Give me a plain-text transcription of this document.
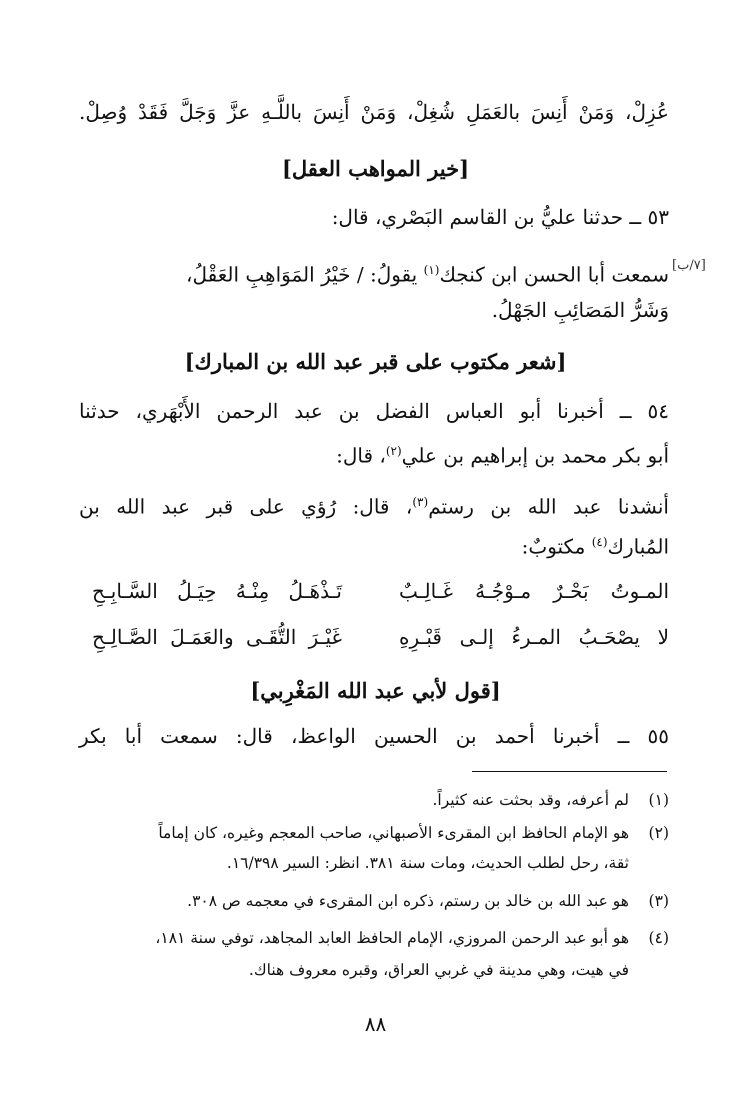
عُزِلْ، وَمَنْ أَنِسَ بالعَمَلِ شُغِلْ، وَمَنْ أَنِسَ باللَّـهِ عزَّ وَجَلَّ فَقَدْ وُصِلْ.
[خير المواهب العقل]
٥٣ ــ حدثنا عليُّ بن القاسم البَصْري، قال:
[٧/ب]
سمعت أبا الحسن ابن كنجك$^{(١)}$ يقولُ: / خَيْرُ المَوَاهِبِ العَقْلُ،
وَشَرُّ المَصَائِبِ الجَهْلُ.
[شعر مكتوب على قبر عبد الله بن المبارك]
٥٤ ــ أخبرنا أبو العباس الفضل بن عبد الرحمن الأَبْهَري، حدثنا
أبو بكر محمد بن إبراهيم بن علي$^{(٢)}$، قال:
أنشدنا عبد الله بن رستم$^{(٣)}$، قال: رُؤي على قبر عبد الله بن
المُبارك$^{(٤)}$ مكتوبٌ:
المـوتُ بَحْـرٌ مـوْجُـهُ غَـالِـبٌ
تَـذْهَـلُ مِنْـهُ حِيَـلُ السَّـابِـحِ
لا يصْحَـبُ المـرءُ إلـى قَبْـرِهِ
غَيْـرَ التُّقَـى والعَمَـلَ الصَّـالِـحِ
[قول لأبي عبد الله المَغْرِبي]
٥٥ ــ أخبرنا أحمد بن الحسين الواعظ، قال: سمعت أبا بكر
(١)لم أعرفه، وقد بحثت عنه كثيراً.
(٢)هو الإمام الحافظ ابن المقرىء الأصبهاني، صاحب المعجم وغيره، كان إماماً
ثقة، رحل لطلب الحديث، ومات سنة ٣٨١. انظر: السير ١٦/٣٩٨.
(٣)هو عبد الله بن خالد بن رستم، ذكره ابن المقرىء في معجمه ص ٣٠٨.
(٤)هو أبو عبد الرحمن المروزي، الإمام الحافظ العابد المجاهد، توفي سنة ١٨١،
في هيت، وهي مدينة في غربي العراق، وقبره معروف هناك.
٨٨
